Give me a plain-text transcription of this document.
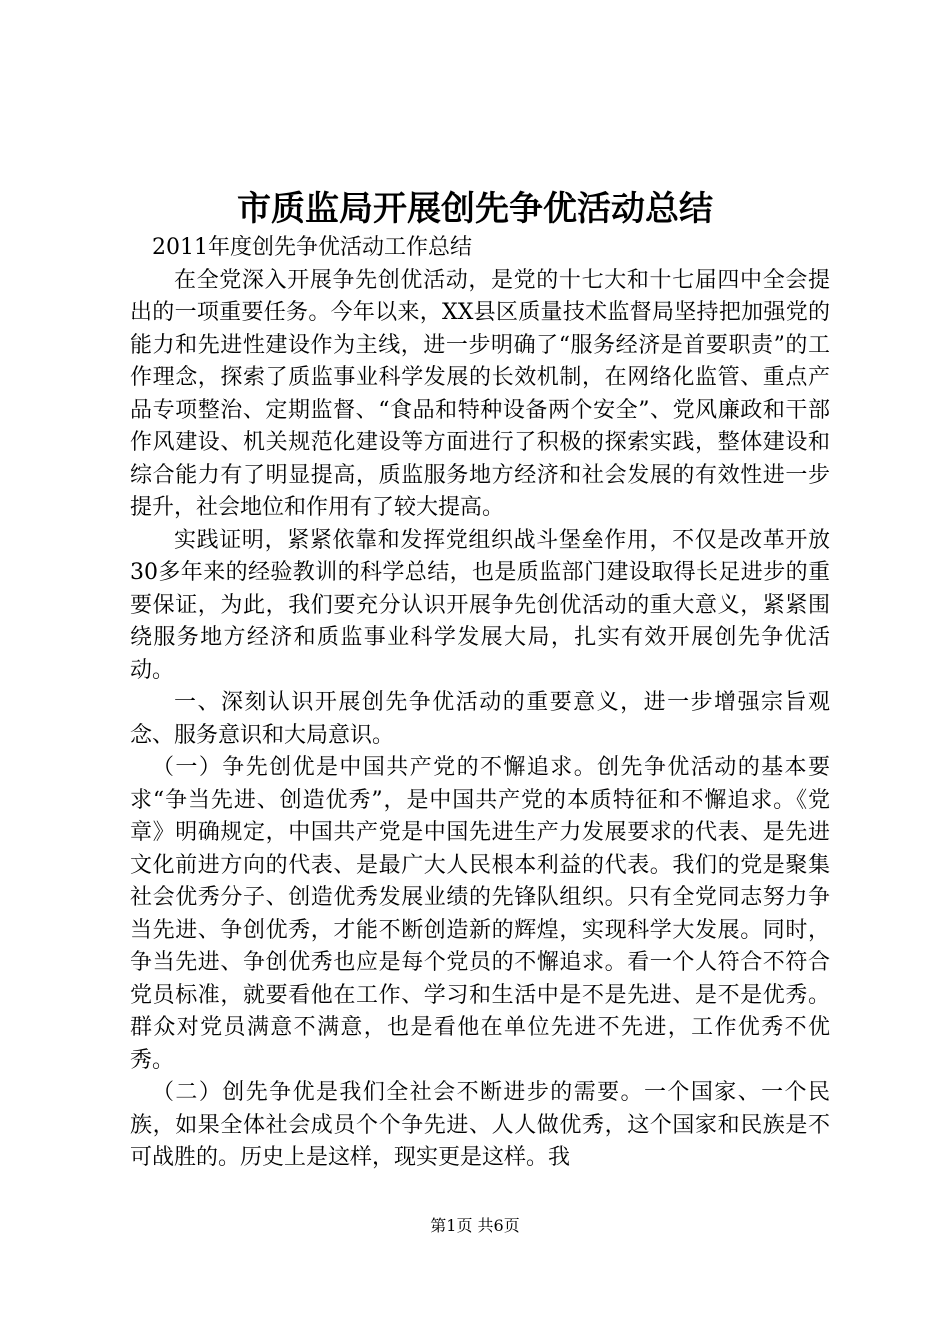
市质监局开展创先争优活动总结

2011年度创先争优活动工作总结

在全党深入开展争先创优活动，是党的十七大和十七届四中全会提出的一项重要任务。今年以来，XX县区质量技术监督局坚持把加强党的能力和先进性建设作为主线，进一步明确了“服务经济是首要职责”的工作理念，探索了质监事业科学发展的长效机制，在网络化监管、重点产品专项整治、定期监督、“食品和特种设备两个安全”、党风廉政和干部作风建设、机关规范化建设等方面进行了积极的探索实践，整体建设和综合能力有了明显提高，质监服务地方经济和社会发展的有效性进一步提升，社会地位和作用有了较大提高。

实践证明，紧紧依靠和发挥党组织战斗堡垒作用，不仅是改革开放30多年来的经验教训的科学总结，也是质监部门建设取得长足进步的重要保证，为此，我们要充分认识开展争先创优活动的重大意义，紧紧围绕服务地方经济和质监事业科学发展大局，扎实有效开展创先争优活动。

一、深刻认识开展创先争优活动的重要意义，进一步增强宗旨观念、服务意识和大局意识。

（一）争先创优是中国共产党的不懈追求。创先争优活动的基本要求“争当先进、创造优秀”，是中国共产党的本质特征和不懈追求。《党章》明确规定，中国共产党是中国先进生产力发展要求的代表、是先进文化前进方向的代表、是最广大人民根本利益的代表。我们的党是聚集社会优秀分子、创造优秀发展业绩的先锋队组织。只有全党同志努力争当先进、争创优秀，才能不断创造新的辉煌，实现科学大发展。同时，争当先进、争创优秀也应是每个党员的不懈追求。看一个人符合不符合党员标准，就要看他在工作、学习和生活中是不是先进、是不是优秀。群众对党员满意不满意，也是看他在单位先进不先进，工作优秀不优秀。

（二）创先争优是我们全社会不断进步的需要。一个国家、一个民族，如果全体社会成员个个争先进、人人做优秀，这个国家和民族是不可战胜的。历史上是这样，现实更是这样。我

第1页 共6页
